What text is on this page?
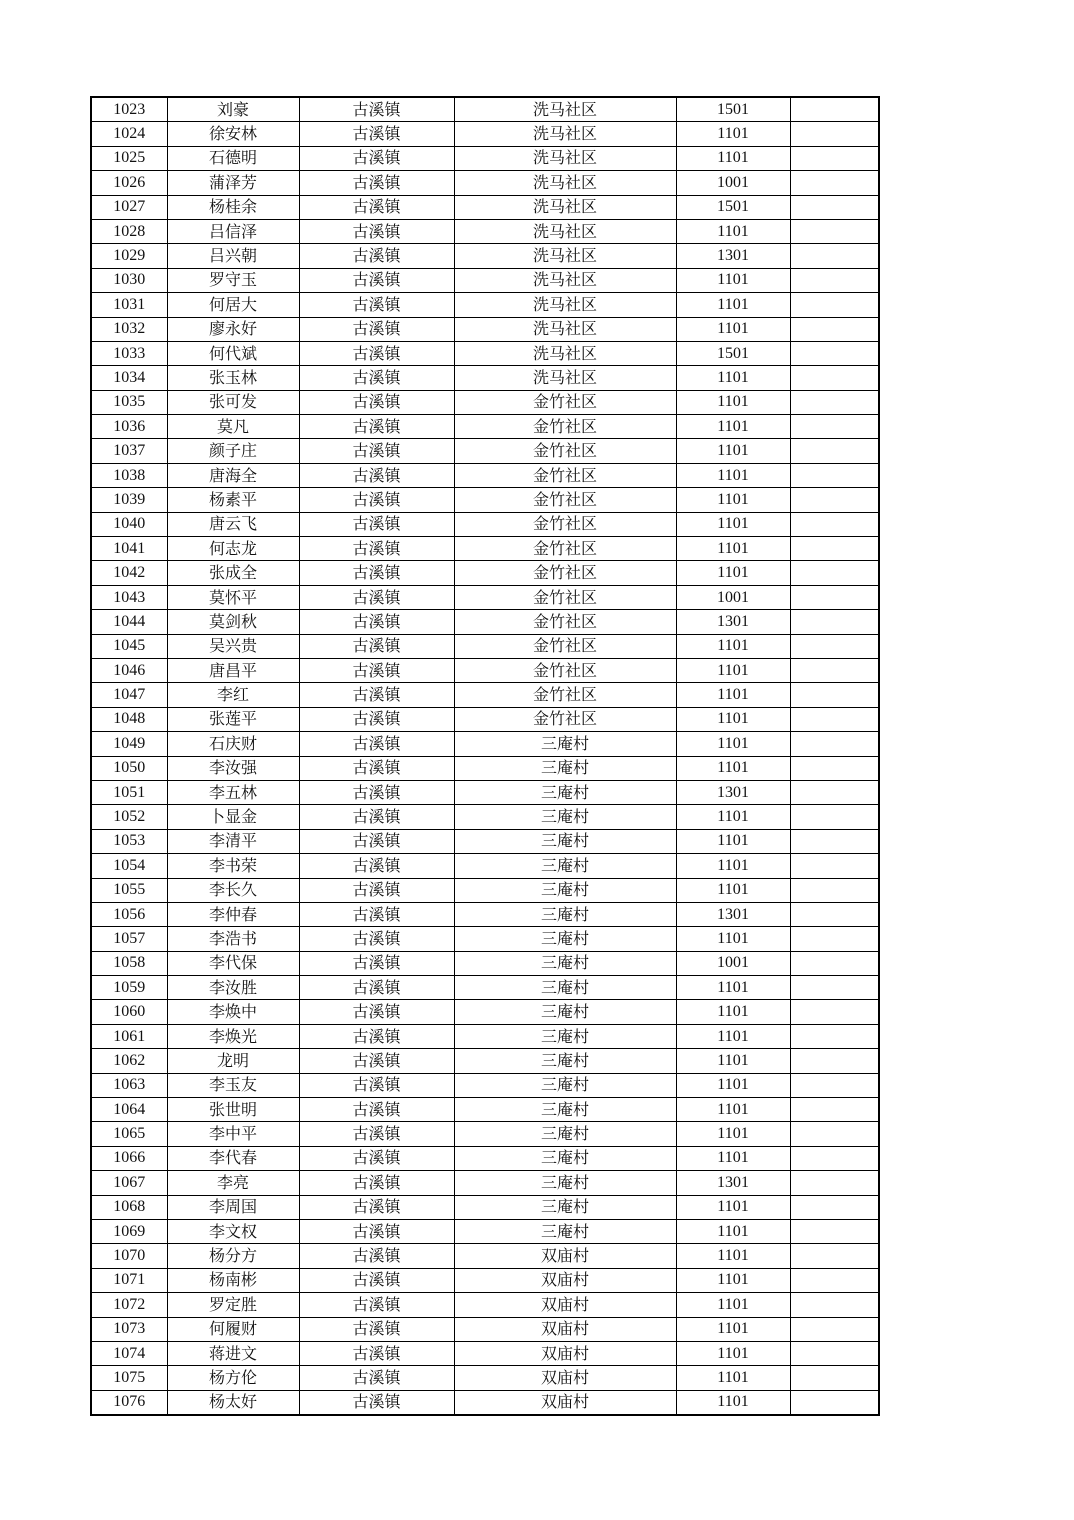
1023	刘豪	古溪镇	洗马社区	1501	
1024	徐安林	古溪镇	洗马社区	1101	
1025	石德明	古溪镇	洗马社区	1101	
1026	蒲泽芳	古溪镇	洗马社区	1001	
1027	杨桂余	古溪镇	洗马社区	1501	
1028	吕信泽	古溪镇	洗马社区	1101	
1029	吕兴朝	古溪镇	洗马社区	1301	
1030	罗守玉	古溪镇	洗马社区	1101	
1031	何居大	古溪镇	洗马社区	1101	
1032	廖永好	古溪镇	洗马社区	1101	
1033	何代斌	古溪镇	洗马社区	1501	
1034	张玉林	古溪镇	洗马社区	1101	
1035	张可发	古溪镇	金竹社区	1101	
1036	莫凡	古溪镇	金竹社区	1101	
1037	颜子庄	古溪镇	金竹社区	1101	
1038	唐海全	古溪镇	金竹社区	1101	
1039	杨素平	古溪镇	金竹社区	1101	
1040	唐云飞	古溪镇	金竹社区	1101	
1041	何志龙	古溪镇	金竹社区	1101	
1042	张成全	古溪镇	金竹社区	1101	
1043	莫怀平	古溪镇	金竹社区	1001	
1044	莫剑秋	古溪镇	金竹社区	1301	
1045	吴兴贵	古溪镇	金竹社区	1101	
1046	唐昌平	古溪镇	金竹社区	1101	
1047	李红	古溪镇	金竹社区	1101	
1048	张莲平	古溪镇	金竹社区	1101	
1049	石庆财	古溪镇	三庵村	1101	
1050	李汝强	古溪镇	三庵村	1101	
1051	李五林	古溪镇	三庵村	1301	
1052	卜显金	古溪镇	三庵村	1101	
1053	李清平	古溪镇	三庵村	1101	
1054	李书荣	古溪镇	三庵村	1101	
1055	李长久	古溪镇	三庵村	1101	
1056	李仲春	古溪镇	三庵村	1301	
1057	李浩书	古溪镇	三庵村	1101	
1058	李代保	古溪镇	三庵村	1001	
1059	李汝胜	古溪镇	三庵村	1101	
1060	李焕中	古溪镇	三庵村	1101	
1061	李焕光	古溪镇	三庵村	1101	
1062	龙明	古溪镇	三庵村	1101	
1063	李玉友	古溪镇	三庵村	1101	
1064	张世明	古溪镇	三庵村	1101	
1065	李中平	古溪镇	三庵村	1101	
1066	李代春	古溪镇	三庵村	1101	
1067	李亮	古溪镇	三庵村	1301	
1068	李周国	古溪镇	三庵村	1101	
1069	李文权	古溪镇	三庵村	1101	
1070	杨分方	古溪镇	双庙村	1101	
1071	杨南彬	古溪镇	双庙村	1101	
1072	罗定胜	古溪镇	双庙村	1101	
1073	何履财	古溪镇	双庙村	1101	
1074	蒋进文	古溪镇	双庙村	1101	
1075	杨方伦	古溪镇	双庙村	1101	
1076	杨太好	古溪镇	双庙村	1101	
